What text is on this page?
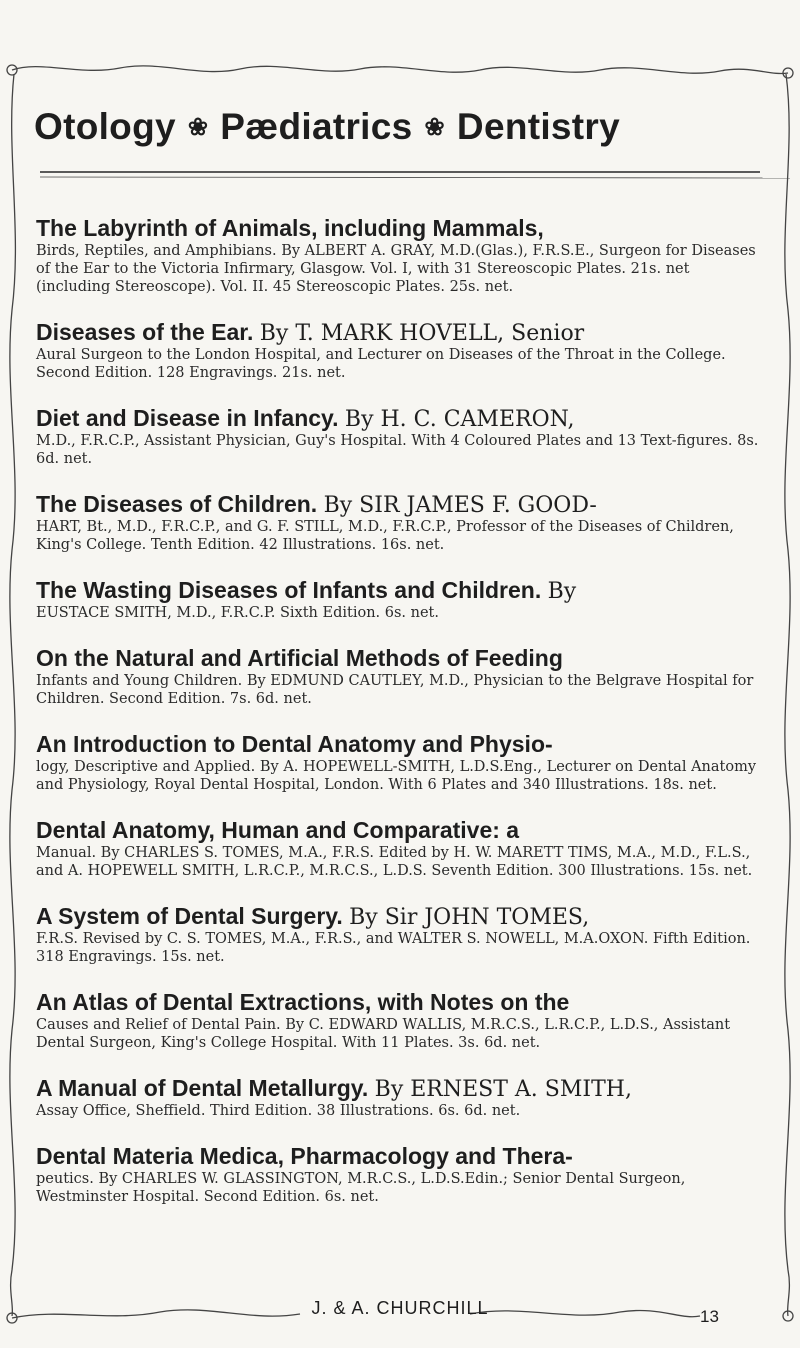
Otology ❀ Pædiatrics ❀ Dentistry
The Labyrinth of Animals, including Mammals,
Birds, Reptiles, and Amphibians. By ALBERT A. GRAY, M.D.(Glas.), F.R.S.E., Surgeon for Diseases of the Ear to the Victoria Infirmary, Glasgow. Vol. I, with 31 Stereoscopic Plates. 21s. net (including Stereoscope). Vol. II. 45 Stereoscopic Plates. 25s. net.
Diseases of the Ear. By T. MARK HOVELL, Senior
Aural Surgeon to the London Hospital, and Lecturer on Diseases of the Throat in the College. Second Edition. 128 Engravings. 21s. net.
Diet and Disease in Infancy. By H. C. CAMERON,
M.D., F.R.C.P., Assistant Physician, Guy's Hospital. With 4 Coloured Plates and 13 Text-figures. 8s. 6d. net.
The Diseases of Children. By SIR JAMES F. GOOD-
HART, Bt., M.D., F.R.C.P., and G. F. STILL, M.D., F.R.C.P., Professor of the Diseases of Children, King's College. Tenth Edition. 42 Illustrations. 16s. net.
The Wasting Diseases of Infants and Children. By
EUSTACE SMITH, M.D., F.R.C.P. Sixth Edition. 6s. net.
On the Natural and Artificial Methods of Feeding
Infants and Young Children. By EDMUND CAUTLEY, M.D., Physician to the Belgrave Hospital for Children. Second Edition. 7s. 6d. net.
An Introduction to Dental Anatomy and Physio-
logy, Descriptive and Applied. By A. HOPEWELL-SMITH, L.D.S.Eng., Lecturer on Dental Anatomy and Physiology, Royal Dental Hospital, London. With 6 Plates and 340 Illustrations. 18s. net.
Dental Anatomy, Human and Comparative: a
Manual. By CHARLES S. TOMES, M.A., F.R.S. Edited by H. W. MARETT TIMS, M.A., M.D., F.L.S., and A. HOPEWELL SMITH, L.R.C.P., M.R.C.S., L.D.S. Seventh Edition. 300 Illustrations. 15s. net.
A System of Dental Surgery. By Sir JOHN TOMES,
F.R.S. Revised by C. S. TOMES, M.A., F.R.S., and WALTER S. NOWELL, M.A.OXON. Fifth Edition. 318 Engravings. 15s. net.
An Atlas of Dental Extractions, with Notes on the
Causes and Relief of Dental Pain. By C. EDWARD WALLIS, M.R.C.S., L.R.C.P., L.D.S., Assistant Dental Surgeon, King's College Hospital. With 11 Plates. 3s. 6d. net.
A Manual of Dental Metallurgy. By ERNEST A. SMITH,
Assay Office, Sheffield. Third Edition. 38 Illustrations. 6s. 6d. net.
Dental Materia Medica, Pharmacology and Thera-
peutics. By CHARLES W. GLASSINGTON, M.R.C.S., L.D.S.Edin.; Senior Dental Surgeon, Westminster Hospital. Second Edition. 6s. net.
J. & A. CHURCHILL	13
